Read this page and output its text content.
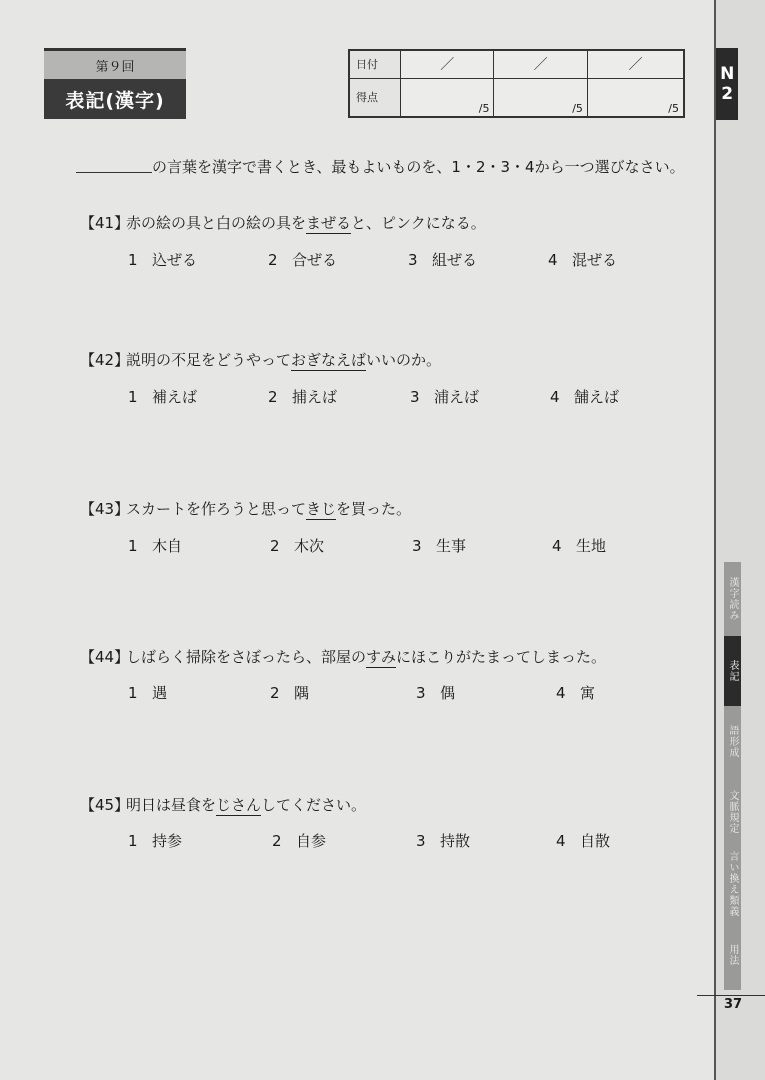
第９回
表記(漢字)
日付	／	／	／
得点	/5	/5	/5
N2
の言葉を漢字で書くとき、最もよいものを、1・2・3・4から一つ選びなさい。
【41】赤の絵の具と白の絵の具をまぜると、ピンクになる。
1 込ぜる	2 合ぜる	3 組ぜる	4 混ぜる
【42】説明の不足をどうやっておぎなえばいいのか。
1 補えば	2 捕えば	3 浦えば	4 舗えば
【43】スカートを作ろうと思ってきじを買った。
1 木自	2 木次	3 生事	4 生地
【44】しばらく掃除をさぼったら、部屋のすみにほこりがたまってしまった。
1 遇	2 隅	3 偶	4 寓
【45】明日は昼食をじさんしてください。
1 持参	2 自参	3 持散	4 自散
漢字読み
表記
語形成
文脈規定
言い換え類義
用法
37
